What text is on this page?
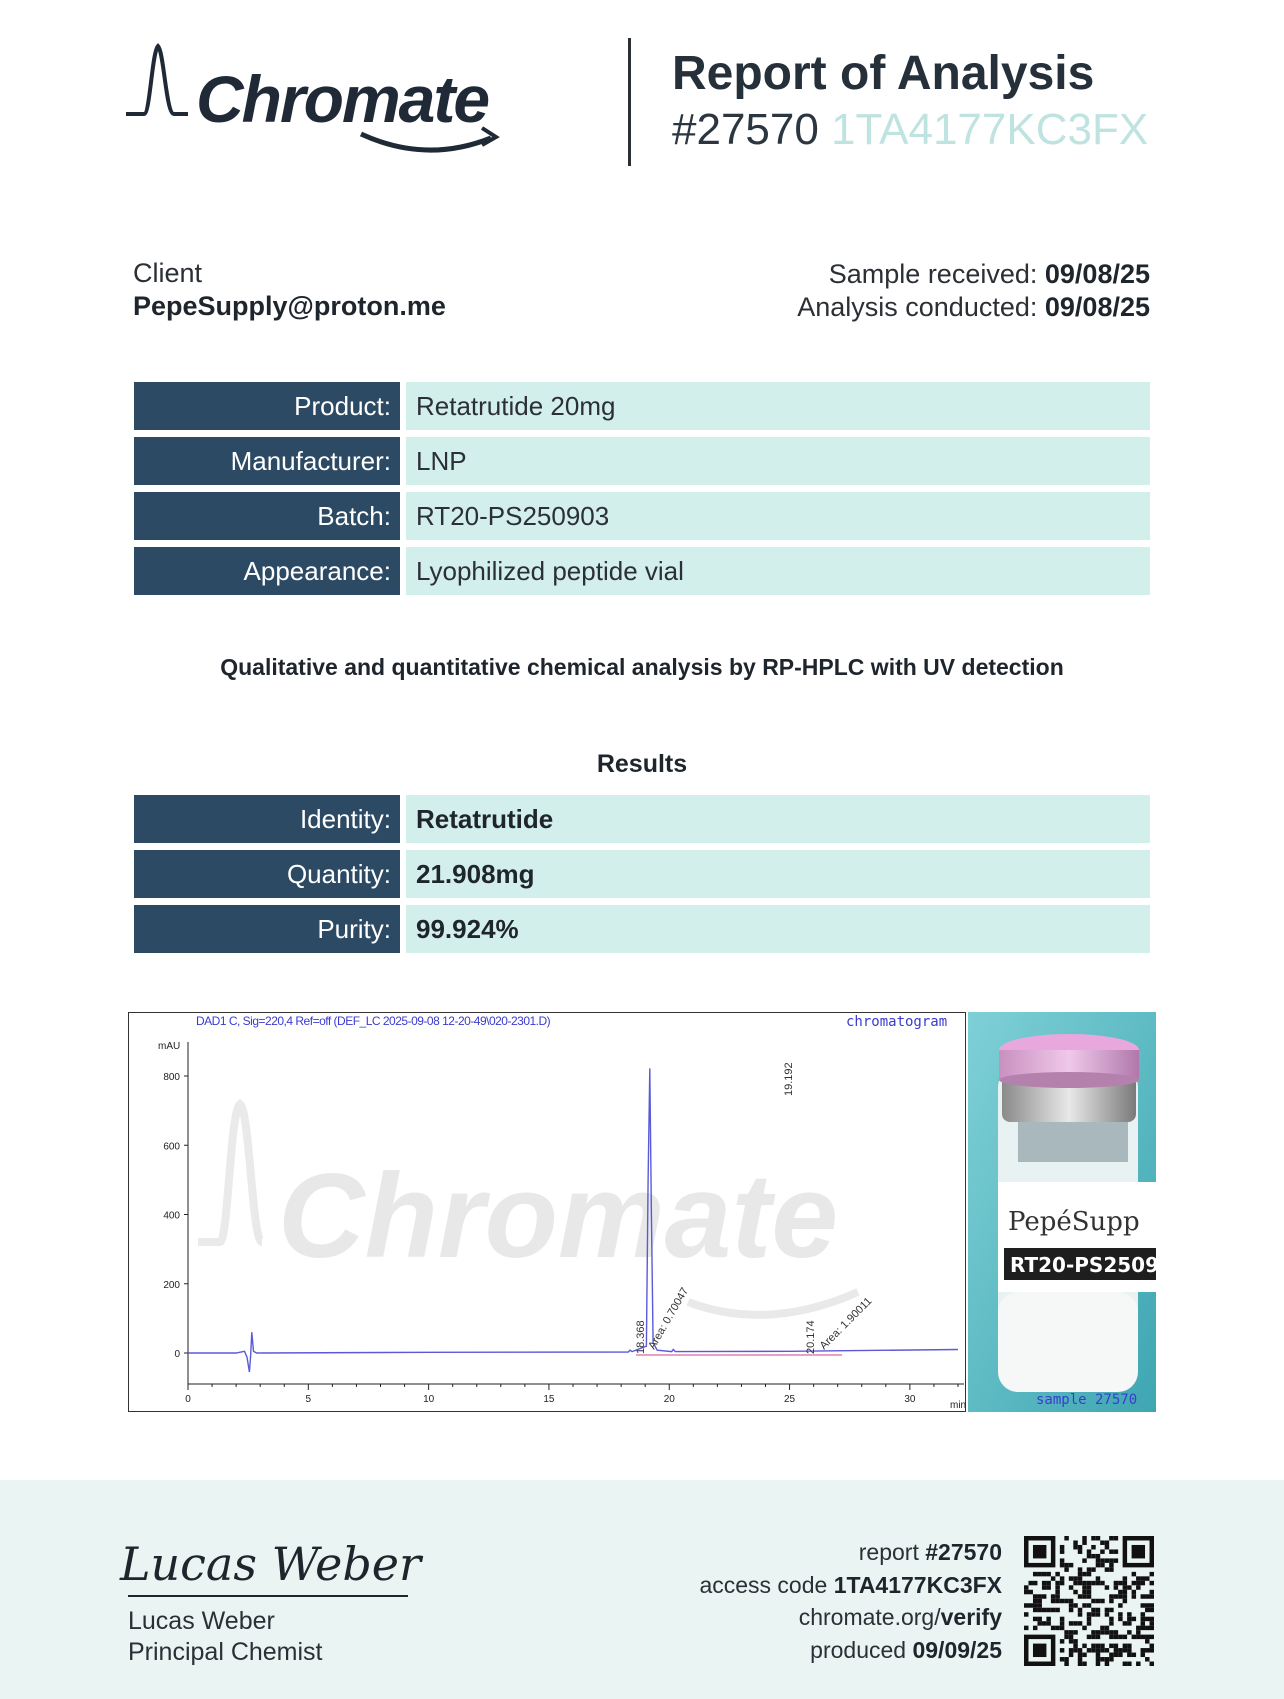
Chromate	Report of Analysis
#27570 1TA4177KC3FX
Client
PepeSupply@proton.me
Sample received: 09/08/25
Analysis conducted: 09/08/25
Product: Retatrutide 20mg
Manufacturer: LNP
Batch: RT20-PS250903
Appearance: Lyophilized peptide vial
Qualitative and quantitative chemical analysis by RP-HPLC with UV detection
Results
Identity: Retatrutide
Quantity: 21.908mg
Purity: 99.924%
Chromate
mAU
min
0
200
400
600
800
0	5	10	15	20	25	30
18.368
19.192
20.174
Area: 0.70047	Area: 1.90011
DAD1 C, Sig=220,4 Ref=off (DEF_LC 2025-09-08 12-20-49\020-2301.D)	chromatogram
PepéSupp
RT20-PS25090
sample 27570
Lucas Weber
Lucas Weber
Principal Chemist
report #27570
access code 1TA4177KC3FX
chromate.org/verify
produced 09/09/25
